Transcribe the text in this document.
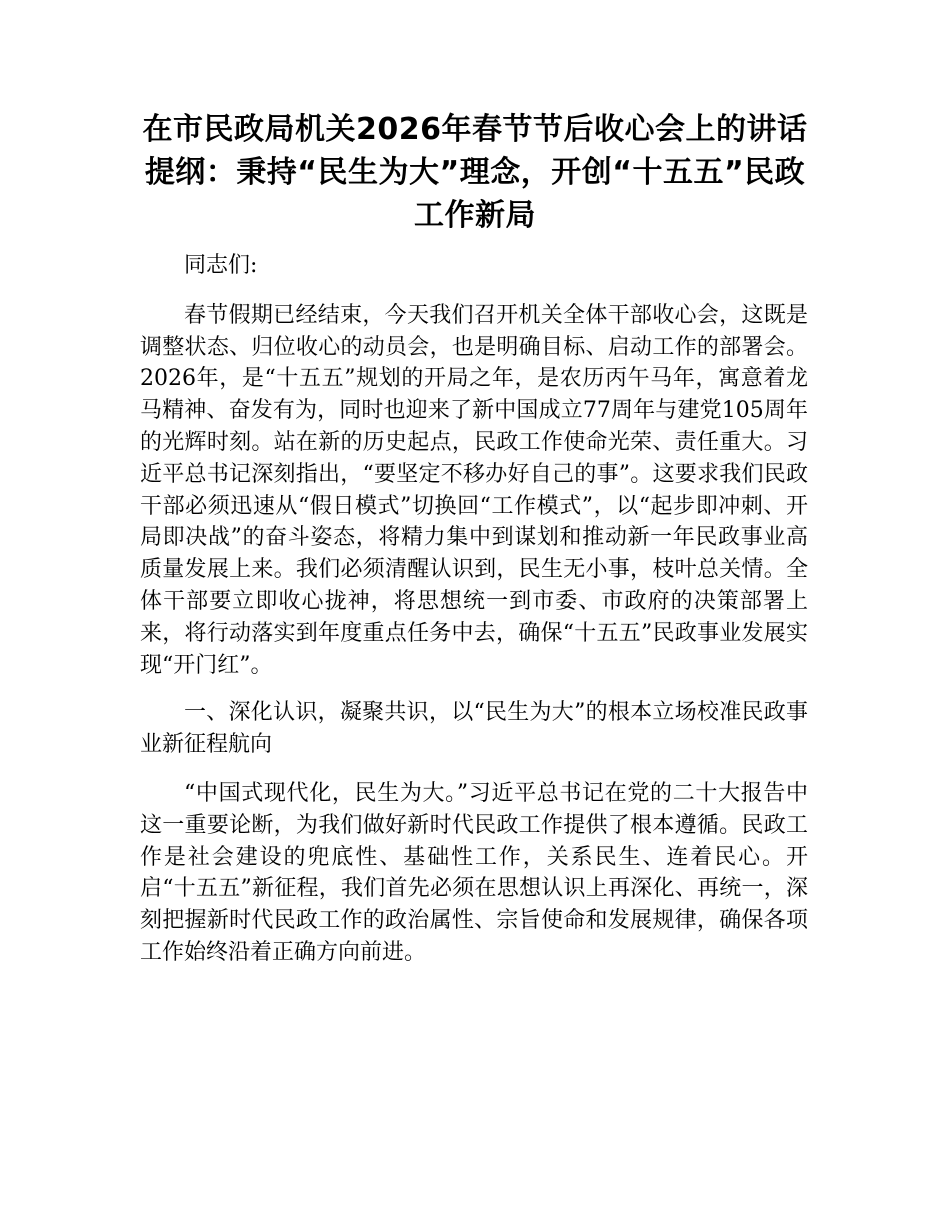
在市民政局机关2026年春节节后收心会上的讲话提纲：秉持“民生为大”理念，开创“十五五”民政工作新局

同志们:

春节假期已经结束，今天我们召开机关全体干部收心会，这既是调整状态、归位收心的动员会，也是明确目标、启动工作的部署会。2026年，是“十五五”规划的开局之年，是农历丙午马年，寓意着龙马精神、奋发有为，同时也迎来了新中国成立77周年与建党105周年的光辉时刻。站在新的历史起点，民政工作使命光荣、责任重大。习近平总书记深刻指出，“要坚定不移办好自己的事”。这要求我们民政干部必须迅速从“假日模式”切换回“工作模式”，以“起步即冲刺、开局即决战”的奋斗姿态，将精力集中到谋划和推动新一年民政事业高质量发展上来。我们必须清醒认识到，民生无小事，枝叶总关情。全体干部要立即收心拢神，将思想统一到市委、市政府的决策部署上来，将行动落实到年度重点任务中去，确保“十五五”民政事业发展实现“开门红”。

一、深化认识，凝聚共识，以“民生为大”的根本立场校准民政事业新征程航向

“中国式现代化，民生为大。”习近平总书记在党的二十大报告中这一重要论断，为我们做好新时代民政工作提供了根本遵循。民政工作是社会建设的兜底性、基础性工作，关系民生、连着民心。开启“十五五”新征程，我们首先必须在思想认识上再深化、再统一，深刻把握新时代民政工作的政治属性、宗旨使命和发展规律，确保各项工作始终沿着正确方向前进。
